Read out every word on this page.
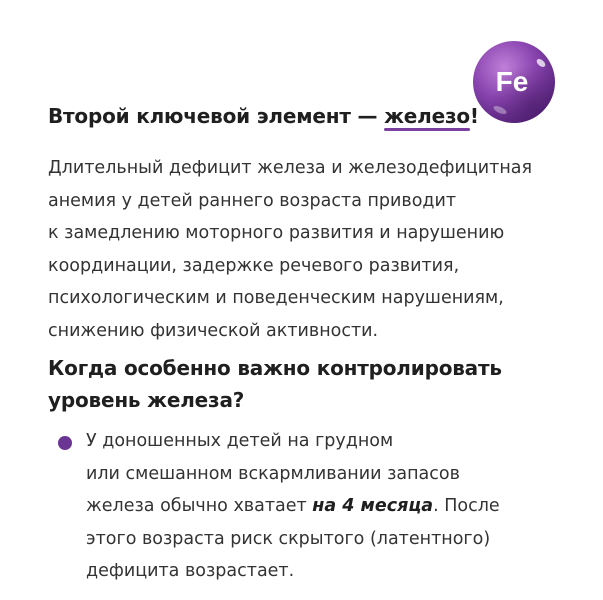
Fe
Второй ключевой элемент — железо!
Длительный дефицит железа и железодефицитная
анемия у детей раннего возраста приводит
к замедлению моторного развития и нарушению
координации, задержке речевого развития,
психологическим и поведенческим нарушениям,
снижению физической активности.
Когда особенно важно контролировать
уровень железа?
У доношенных детей на грудном
или смешанном вскармливании запасов
железа обычно хватает на 4 месяца. После
этого возраста риск скрытого (латентного)
дефицита возрастает.
